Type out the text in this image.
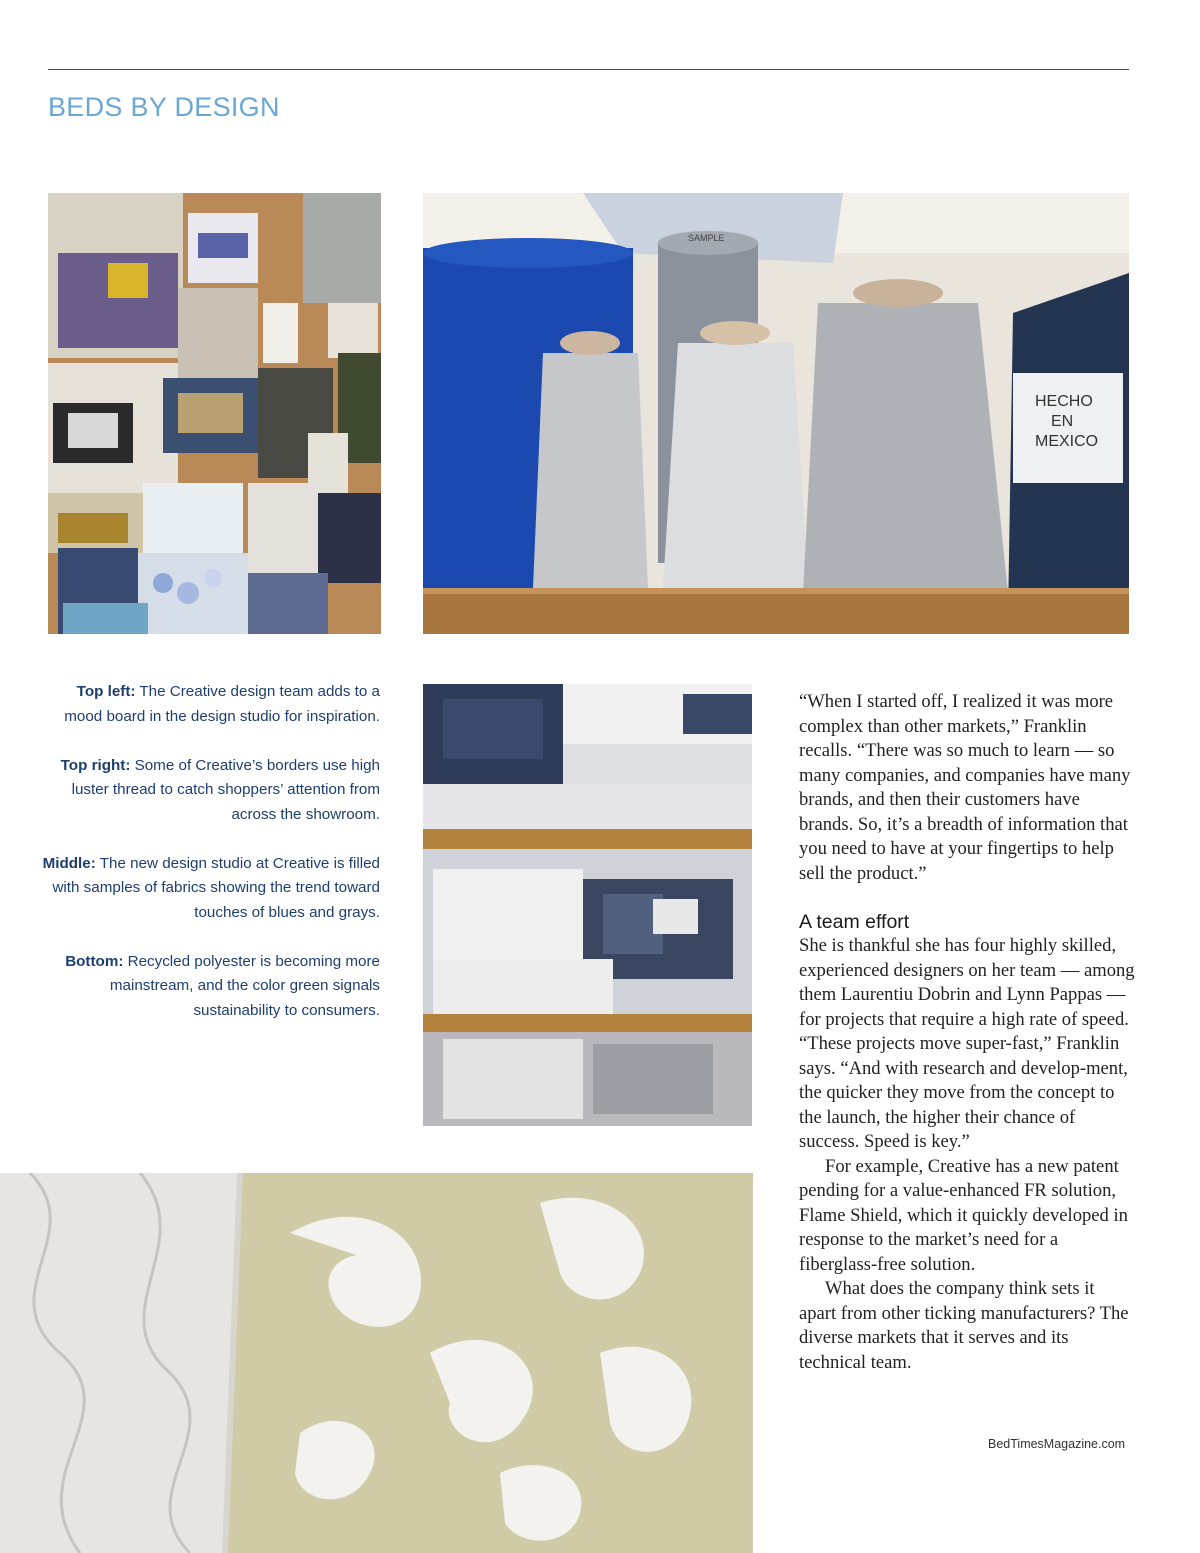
BEDS BY DESIGN
HECHO
EN
MEXICO
SAMPLE

Top left: The Creative design team adds to a mood board in the design studio for inspiration.

Top right: Some of Creative’s borders use high luster thread to catch shoppers’ attention from across the showroom.

Middle: The new design studio at Creative is filled with samples of fabrics showing the trend toward touches of blues and grays.

Bottom: Recycled polyester is becoming more mainstream, and the color green signals sustainability to consumers.

“When I started off, I realized it was more complex than other markets,” Franklin recalls. “There was so much to learn — so many companies, and companies have many brands, and then their customers have brands. So, it’s a breadth of information that you need to have at your fingertips to help sell the product.”

A team effort

She is thankful she has four highly skilled, experienced designers on her team — among them Laurentiu Dobrin and Lynn Pappas — for projects that require a high rate of speed. “These projects move super-fast,” Franklin says. “And with research and develop-ment, the quicker they move from the concept to the launch, the higher their chance of success. Speed is key.”

For example, Creative has a new patent pending for a value-enhanced FR solution, Flame Shield, which it quickly developed in response to the market’s need for a fiberglass-free solution.

What does the company think sets it apart from other ticking manufacturers? The diverse markets that it serves and its technical team.

BedTimesMagazine.com
